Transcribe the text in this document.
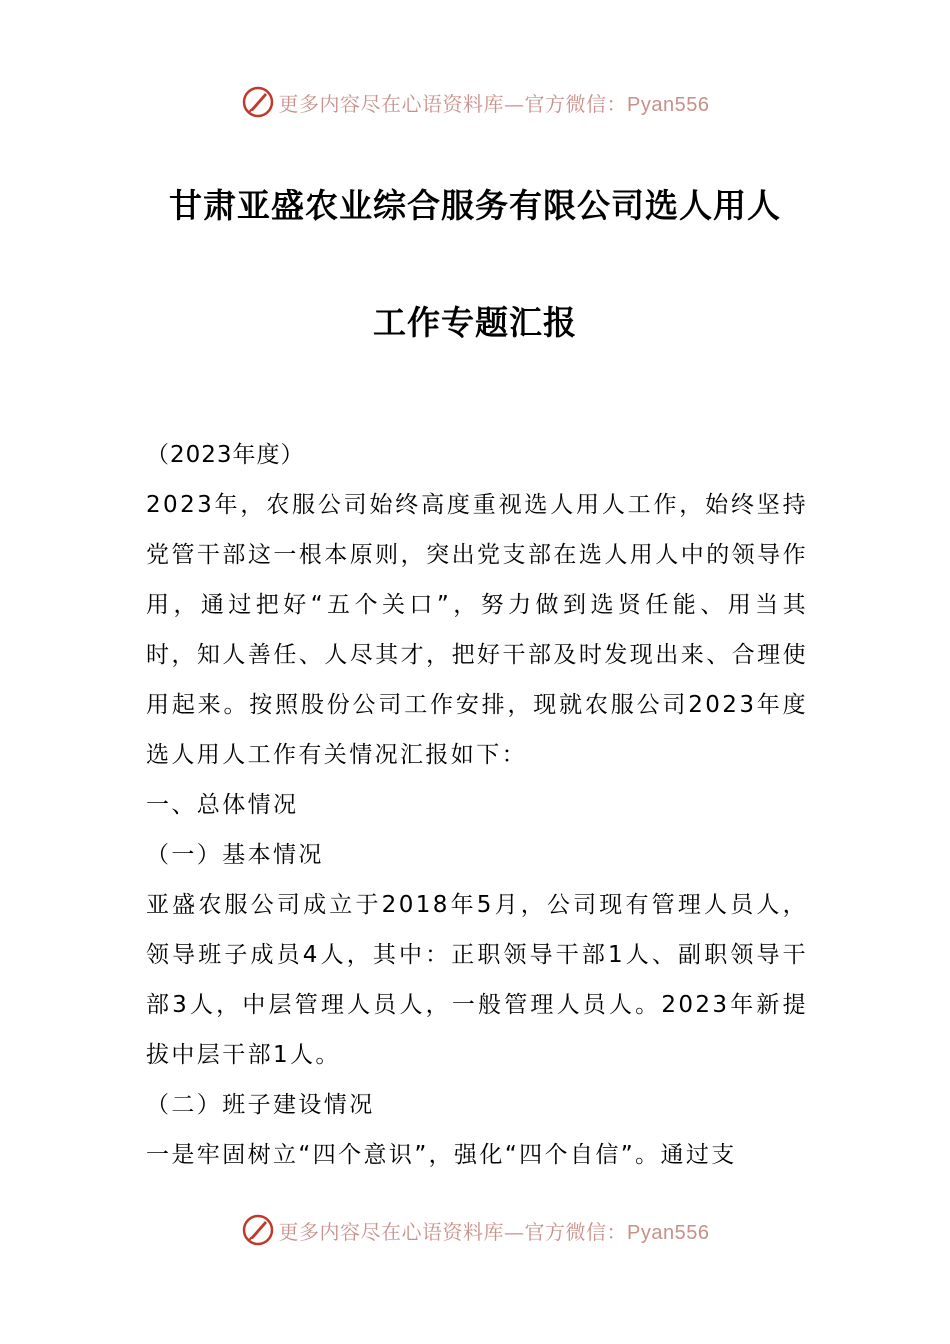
更多内容尽在心语资料库—官方微信：Pyan556
甘肃亚盛农业综合服务有限公司选人用人
工作专题汇报

（2023年度）

2023年，农服公司始终高度重视选人用人工作，始终坚持党管干部这一根本原则，突出党支部在选人用人中的领导作用，通过把好“五个关口”，努力做到选贤任能、用当其时，知人善任、人尽其才，把好干部及时发现出来、合理使用起来。按照股份公司工作安排，现就农服公司2023年度选人用人工作有关情况汇报如下：

一、总体情况

（一）基本情况

亚盛农服公司成立于2018年5月，公司现有管理人员人，领导班子成员4人，其中：正职领导干部1人、副职领导干部3人，中层管理人员人，一般管理人员人。2023年新提拔中层干部1人。

（二）班子建设情况

一是牢固树立“四个意识”，强化“四个自信”。通过支

更多内容尽在心语资料库—官方微信：Pyan556
